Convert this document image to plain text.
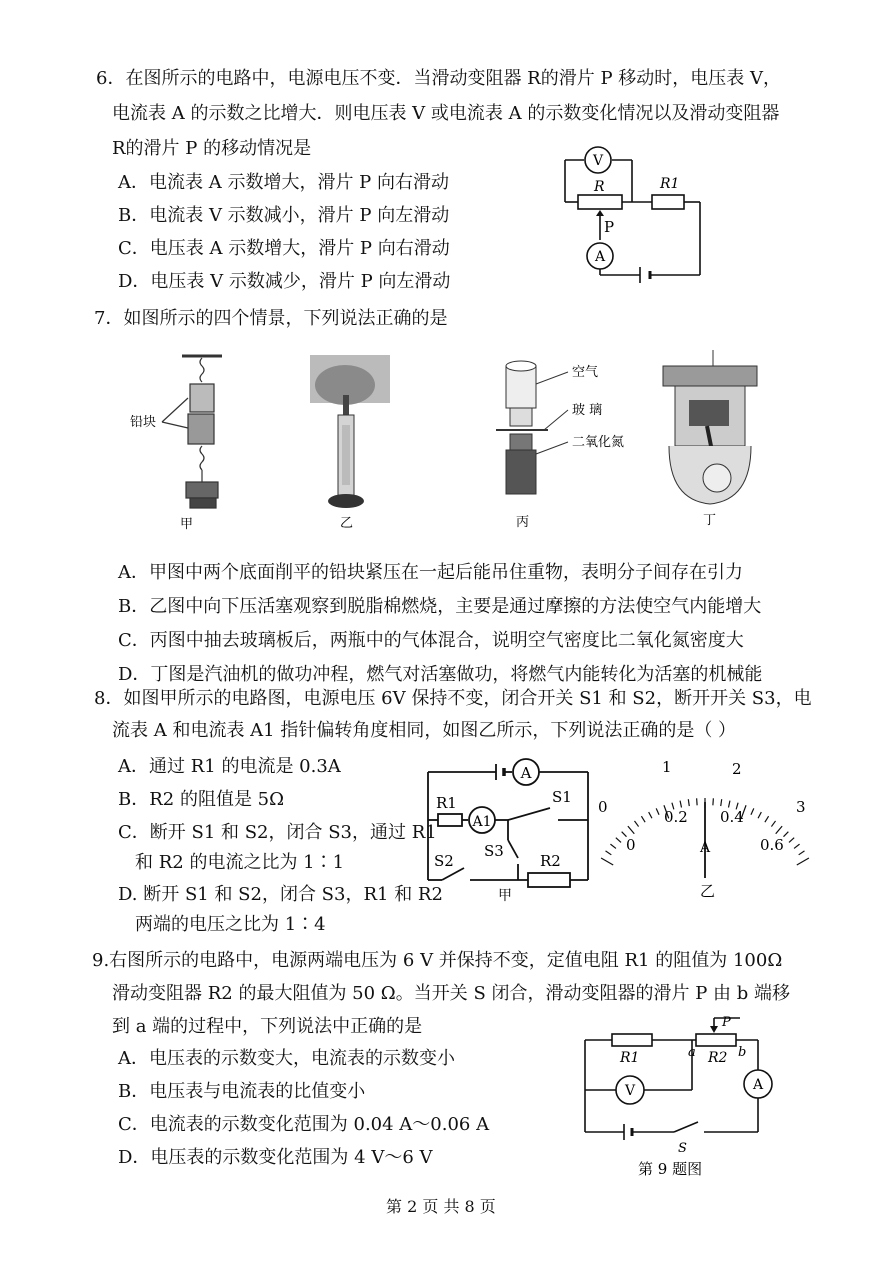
6．在图所示的电路中，电源电压不变．当滑动变阻器 R的滑片 P 移动时，电压表 V，
电流表 A 的示数之比增大．则电压表 V 或电流表 A 的示数变化情况以及滑动变阻器
R的滑片 P 的移动情况是
A．电流表 A 示数增大，滑片 P 向右滑动
B．电流表 V 示数减小，滑片 P 向左滑动
C．电压表 A 示数增大，滑片 P 向右滑动
D．电压表 V 示数减少，滑片 P 向左滑动
V
R	R1
P
A
7．如图所示的四个情景，下列说法正确的是
铅块
甲	乙
空气
玻 璃
二氧化氮
丙	丁
A．甲图中两个底面削平的铅块紧压在一起后能吊住重物，表明分子间存在引力
B．乙图中向下压活塞观察到脱脂棉燃烧，主要是通过摩擦的方法使空气内能增大
C．丙图中抽去玻璃板后，两瓶中的气体混合，说明空气密度比二氧化氮密度大
D．丁图是汽油机的做功冲程，燃气对活塞做功，将燃气内能转化为活塞的机械能
8．如图甲所示的电路图，电源电压 6V 保持不变，闭合开关 S1 和 S2，断开开关 S3，电
流表 A 和电流表 A1 指针偏转角度相同，如图乙所示，下列说法正确的是（ ）
A．通过 R1 的电流是 0.3A
B．R2 的阻值是 5Ω
C．断开 S1 和 S2，闭合 S3，通过 R1
和 R2 的电流之比为 1∶1
D. 断开 S1 和 S2，闭合 S3，R1 和 R2
两端的电压之比为 1∶4
A
R1
A1
S1
S3
S2	R2
甲
0
1	2
3
0
0.2 0.4
0.6
A
乙
9.右图所示的电路中，电源两端电压为 6 V 并保持不变，定值电阻 R1 的阻值为 100Ω
滑动变阻器 R2 的最大阻值为 50 Ω。当开关 S 闭合，滑动变阻器的滑片 P 由 b 端移
到 a 端的过程中，下列说法中正确的是
A．电压表的示数变大，电流表的示数变小
B．电压表与电流表的比值变小
C．电流表的示数变化范围为 0.04 A～0.06 A
D．电压表的示数变化范围为 4 V～6 V
P
R1	a R2 b
V	A
S
第 9 题图
第 2 页 共 8 页
